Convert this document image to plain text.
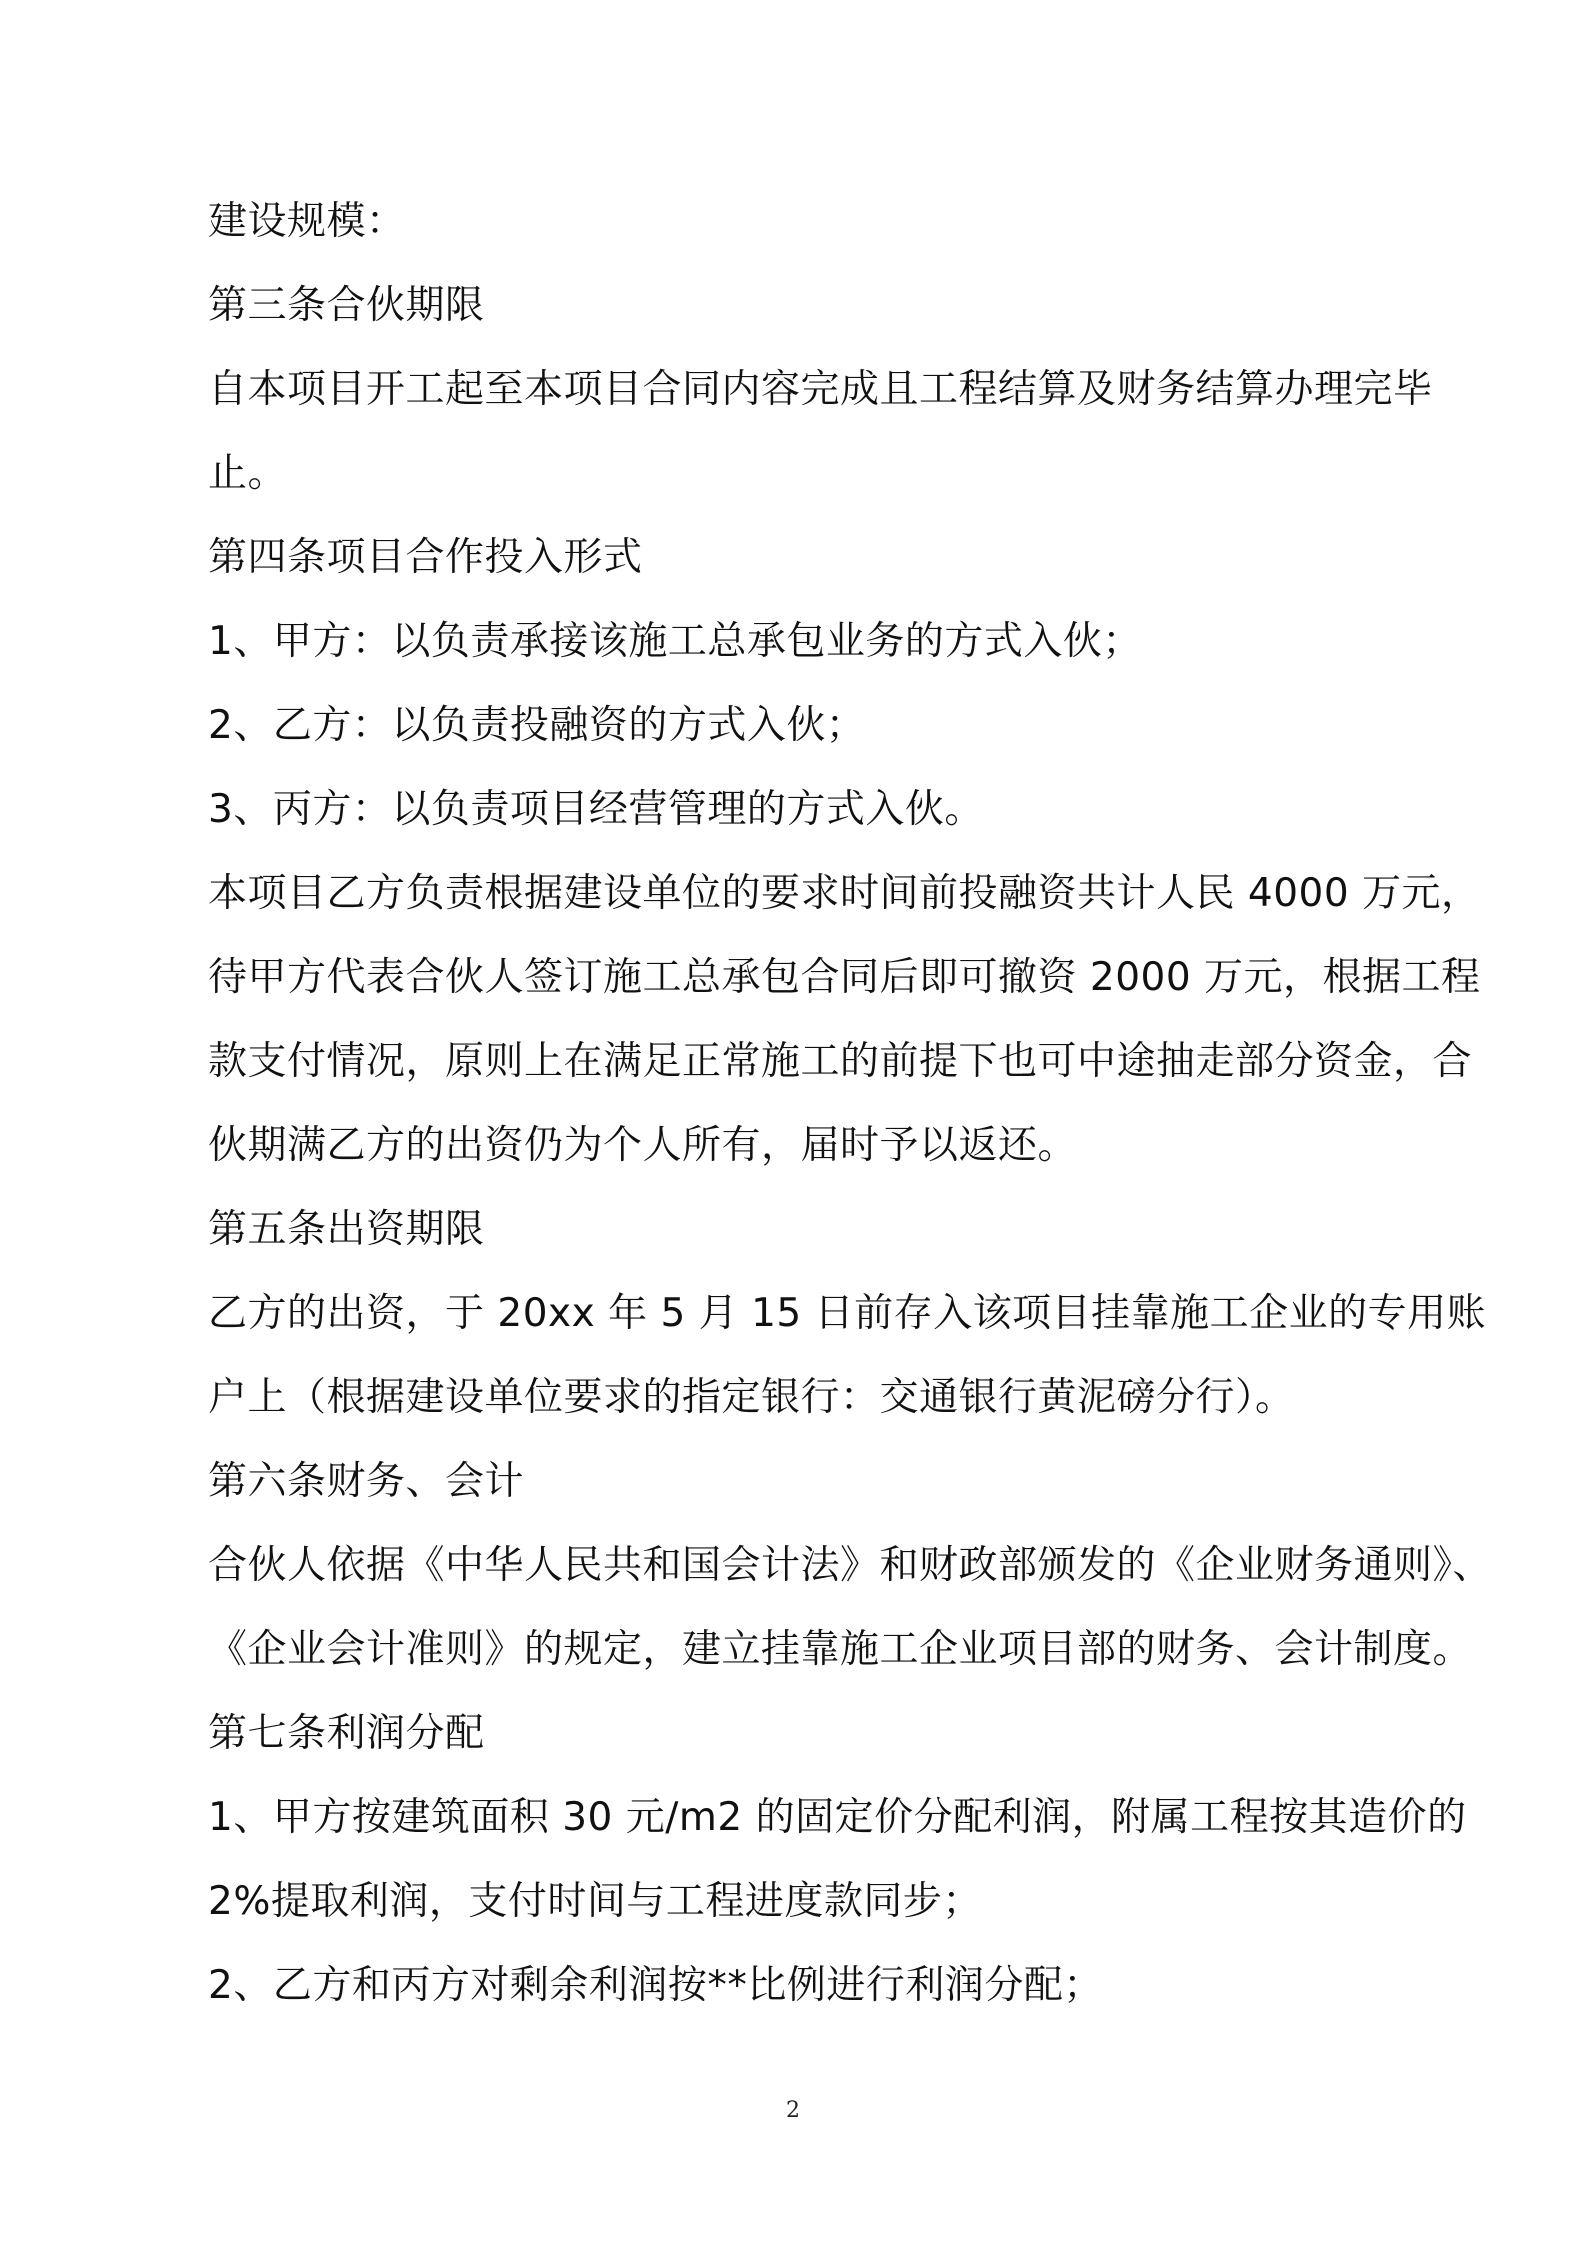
建设规模：

第三条合伙期限

自本项目开工起至本项目合同内容完成且工程结算及财务结算办理完毕

止。

第四条项目合作投入形式

1、甲方：以负责承接该施工总承包业务的方式入伙；

2、乙方：以负责投融资的方式入伙；

3、丙方：以负责项目经营管理的方式入伙。

本项目乙方负责根据建设单位的要求时间前投融资共计人民 4000 万元，

待甲方代表合伙人签订施工总承包合同后即可撤资 2000 万元，根据工程

款支付情况，原则上在满足正常施工的前提下也可中途抽走部分资金，合

伙期满乙方的出资仍为个人所有，届时予以返还。

第五条出资期限

乙方的出资，于 20xx 年 5 月 15 日前存入该项目挂靠施工企业的专用账

户上（根据建设单位要求的指定银行：交通银行黄泥磅分行）。

第六条财务、会计

合伙人依据《中华人民共和国会计法》和财政部颁发的《企业财务通则》、

《企业会计准则》的规定，建立挂靠施工企业项目部的财务、会计制度。

第七条利润分配

1、甲方按建筑面积 30 元/m2 的固定价分配利润，附属工程按其造价的

2%提取利润，支付时间与工程进度款同步；

2、乙方和丙方对剩余利润按**比例进行利润分配；

2
